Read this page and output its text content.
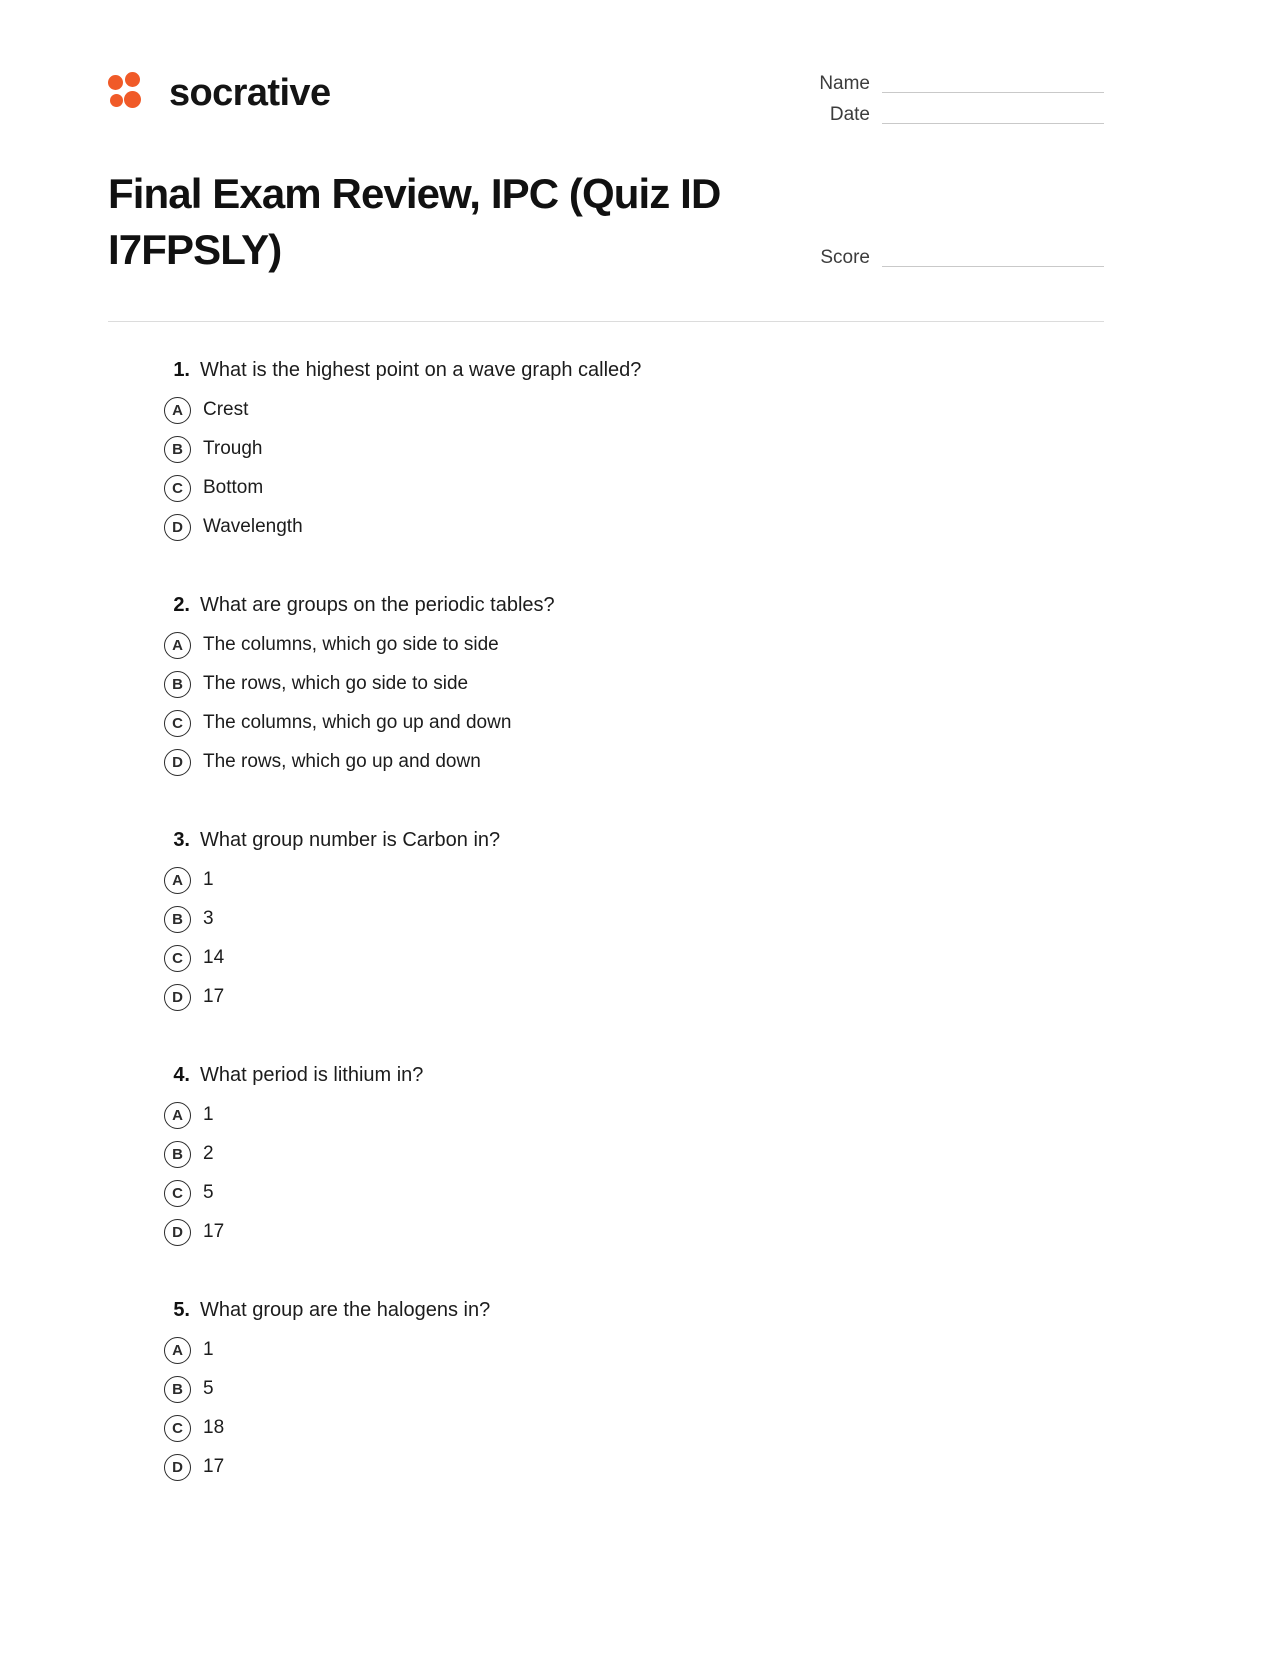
socrative	Name
Date
Final Exam Review, IPC (Quiz ID I7FPSLY)	Score
1. What is the highest point on a wave graph called?
A	Crest
B	Trough
C	Bottom
D	Wavelength
2. What are groups on the periodic tables?
A	The columns, which go side to side
B	The rows, which go side to side
C	The columns, which go up and down
D	The rows, which go up and down
3. What group number is Carbon in?
A	1
B	3
C	14
D	17
4. What period is lithium in?
A	1
B	2
C	5
D	17
5. What group are the halogens in?
A	1
B	5
C	18
D	17
